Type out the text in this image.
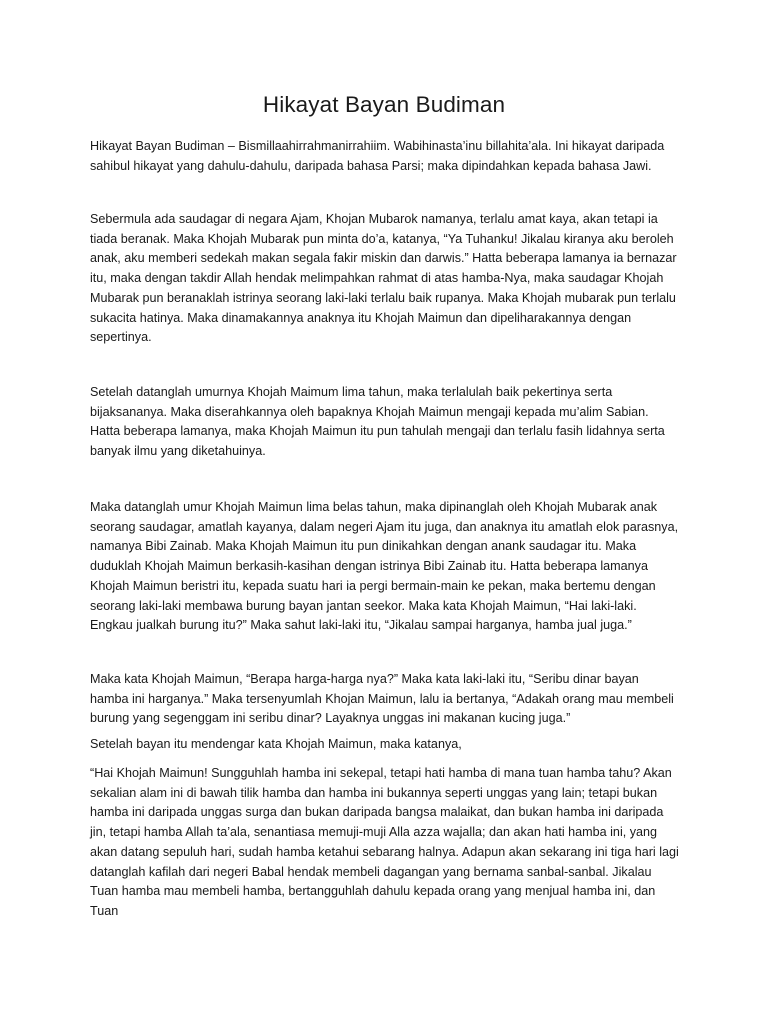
Hikayat Bayan Budiman

Hikayat Bayan Budiman – Bismillaahirrahmanirrahiim. Wabihinasta’inu billahita’ala. Ini hikayat daripada sahibul hikayat yang dahulu-dahulu, daripada bahasa Parsi; maka dipindahkan kepada bahasa Jawi.

Sebermula ada saudagar di negara Ajam, Khojan Mubarok namanya, terlalu amat kaya, akan tetapi ia tiada beranak. Maka Khojah Mubarak pun minta do’a, katanya, “Ya Tuhanku! Jikalau kiranya aku beroleh anak, aku memberi sedekah makan segala fakir miskin dan darwis.” Hatta beberapa lamanya ia bernazar itu, maka dengan takdir Allah hendak melimpahkan rahmat di atas hamba-Nya, maka saudagar Khojah Mubarak pun beranaklah istrinya seorang laki-laki terlalu baik rupanya. Maka Khojah mubarak pun terlalu sukacita hatinya. Maka dinamakannya anaknya itu Khojah Maimun dan dipeliharakannya dengan sepertinya.

Setelah datanglah umurnya Khojah Maimum lima tahun, maka terlalulah baik pekertinya serta bijaksananya. Maka diserahkannya oleh bapaknya Khojah Maimun mengaji kepada mu’alim Sabian. Hatta beberapa lamanya, maka Khojah Maimun itu pun tahulah mengaji dan terlalu fasih lidahnya serta banyak ilmu yang diketahuinya.

Maka datanglah umur Khojah Maimun lima belas tahun, maka dipinanglah oleh Khojah Mubarak anak seorang saudagar, amatlah kayanya, dalam negeri Ajam itu juga, dan anaknya itu amatlah elok parasnya, namanya Bibi Zainab. Maka Khojah Maimun itu pun dinikahkan dengan anank saudagar itu. Maka duduklah Khojah Maimun berkasih-kasihan dengan istrinya Bibi Zainab itu. Hatta beberapa lamanya Khojah Maimun beristri itu, kepada suatu hari ia pergi bermain-main ke pekan, maka bertemu dengan seorang laki-laki membawa burung bayan jantan seekor. Maka kata Khojah Maimun, “Hai laki-laki. Engkau jualkah burung itu?” Maka sahut laki-laki itu, “Jikalau sampai harganya, hamba jual juga.”

Maka kata Khojah Maimun, “Berapa harga-harga nya?” Maka kata laki-laki itu, “Seribu dinar bayan hamba ini harganya.” Maka tersenyumlah Khojan Maimun, lalu ia bertanya, “Adakah orang mau membeli burung yang segenggam ini seribu dinar? Layaknya unggas ini makanan kucing juga.”

Setelah bayan itu mendengar kata Khojah Maimun, maka katanya,

“Hai Khojah Maimun! Sungguhlah hamba ini sekepal, tetapi hati hamba di mana tuan hamba tahu? Akan sekalian alam ini di bawah tilik hamba dan hamba ini bukannya seperti unggas yang lain; tetapi bukan hamba ini daripada unggas surga dan bukan daripada bangsa malaikat, dan bukan hamba ini daripada jin, tetapi hamba Allah ta’ala, senantiasa memuji-muji Alla azza wajalla; dan akan hati hamba ini, yang akan datang sepuluh hari, sudah hamba ketahui sebarang halnya. Adapun akan sekarang ini tiga hari lagi datanglah kafilah dari negeri Babal hendak membeli dagangan yang bernama sanbal-sanbal. Jikalau Tuan hamba mau membeli hamba, bertangguhlah dahulu kepada orang yang menjual hamba ini, dan Tuan
